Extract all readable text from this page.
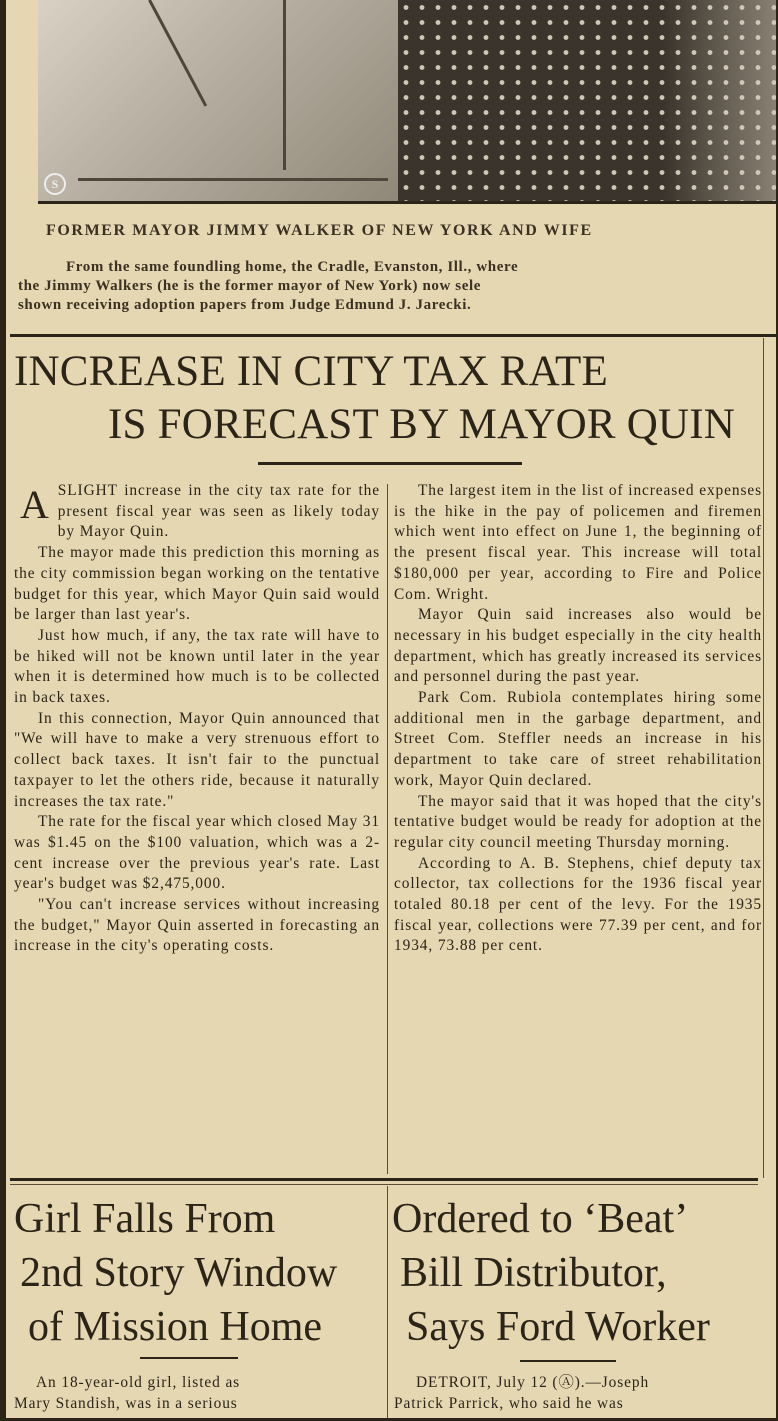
S
FORMER MAYOR JIMMY WALKER OF NEW YORK AND WIFE
From the same foundling home, the Cradle, Evanston, Ill., where
the Jimmy Walkers (he is the former mayor of New York) now sele
shown receiving adoption papers from Judge Edmund J. Jarecki.
INCREASE IN CITY TAX RATE
IS FORECAST BY MAYOR QUIN

ASLIGHT increase in the city tax rate for the present fiscal year was seen as likely today by Mayor Quin.

The mayor made this prediction this morning as the city commission began working on the tentative budget for this year, which Mayor Quin said would be larger than last year's.

Just how much, if any, the tax rate will have to be hiked will not be known until later in the year when it is determined how much is to be collected in back taxes.

In this connection, Mayor Quin announced that "We will have to make a very strenuous effort to collect back taxes. It isn't fair to the punctual taxpayer to let the others ride, because it naturally increases the tax rate."

The rate for the fiscal year which closed May 31 was $1.45 on the $100 valuation, which was a 2-cent increase over the previous year's rate. Last year's budget was $2,475,000.

"You can't increase services without increasing the budget," Mayor Quin asserted in forecasting an increase in the city's operating costs.

The largest item in the list of increased expenses is the hike in the pay of policemen and firemen which went into effect on June 1, the beginning of the present fiscal year. This increase will total $180,000 per year, according to Fire and Police Com. Wright.

Mayor Quin said increases also would be necessary in his budget especially in the city health department, which has greatly increased its services and personnel during the past year.

Park Com. Rubiola contemplates hiring some additional men in the garbage department, and Street Com. Steffler needs an increase in his department to take care of street rehabilitation work, Mayor Quin declared.

The mayor said that it was hoped that the city's tentative budget would be ready for adoption at the regular city council meeting Thursday morning.

According to A. B. Stephens, chief deputy tax collector, tax collections for the 1936 fiscal year totaled 80.18 per cent of the levy. For the 1935 fiscal year, collections were 77.39 per cent, and for 1934, 73.88 per cent.

Girl Falls From
2nd Story Window
of Mission Home
An 18-year-old girl, listed as
Mary Standish, was in a serious
Ordered to ‘Beat’
Bill Distributor,
Says Ford Worker
DETROIT, July 12 (Ⓐ).—Joseph
Patrick Parrick, who said he was
